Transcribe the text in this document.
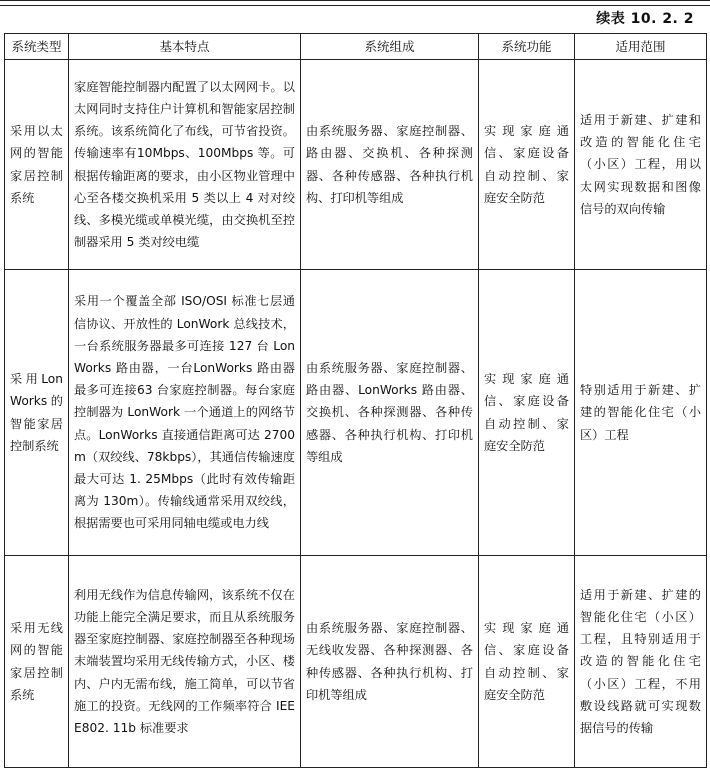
续表 10. 2. 2
系统类型	基本特点	系统组成	系统功能	适用范围
采用以太网的智能家居控制系统	家庭智能控制器内配置了以太网网卡。以太网同时支持住户计算机和智能家居控制系统。该系统简化了布线，可节省投资。传输速率有10Mbps、100Mbps 等。可根据传输距离的要求，由小区物业管理中心至各楼交换机采用 5 类以上 4 对对绞线、多模光缆或单模光缆，由交换机至控制器采用 5 类对绞电缆	由系统服务器、家庭控制器、路由器、交换机、各种探测器、各种传感器、各种执行机构、打印机等组成	实现家庭通信、家庭设备自动控制、家庭安全防范	适用于新建、扩建和改造的智能化住宅（小区）工程，用以太网实现数据和图像信号的双向传输
采用LonWorks的智能家居控制系统	采用一个覆盖全部 ISO/OSI 标准七层通信协议、开放性的 LonWork 总线技术，一台系统服务器最多可连接 127 台 LonWorks 路由器，一台LonWorks 路由器最多可连接63 台家庭控制器。每台家庭控制器为 LonWork 一个通道上的网络节点。LonWorks 直接通信距离可达 2700m（双绞线、78kbps），其通信传输速度最大可达 1. 25Mbps（此时有效传输距离为 130m）。传输线通常采用双绞线，根据需要也可采用同轴电缆或电力线	由系统服务器、家庭控制器、路由器、LonWorks 路由器、交换机、各种探测器、各种传感器、各种执行机构、打印机等组成	实现家庭通信、家庭设备自动控制、家庭安全防范	特别适用于新建、扩建的智能化住宅（小区）工程
采用无线网的智能家居控制系统	利用无线作为信息传输网，该系统不仅在功能上能完全满足要求，而且从系统服务器至家庭控制器、家庭控制器至各种现场末端装置均采用无线传输方式，小区、楼内、户内无需布线，施工简单，可以节省施工的投资。无线网的工作频率符合 IEEE802. 11b 标准要求	由系统服务器、家庭控制器、无线收发器、各种探测器、各种传感器、各种执行机构、打印机等组成	实现家庭通信、家庭设备自动控制、家庭安全防范	适用于新建、扩建的智能化住宅（小区）工程，且特别适用于改造的智能化住宅（小区）工程，不用敷设线路就可实现数据信号的传输
